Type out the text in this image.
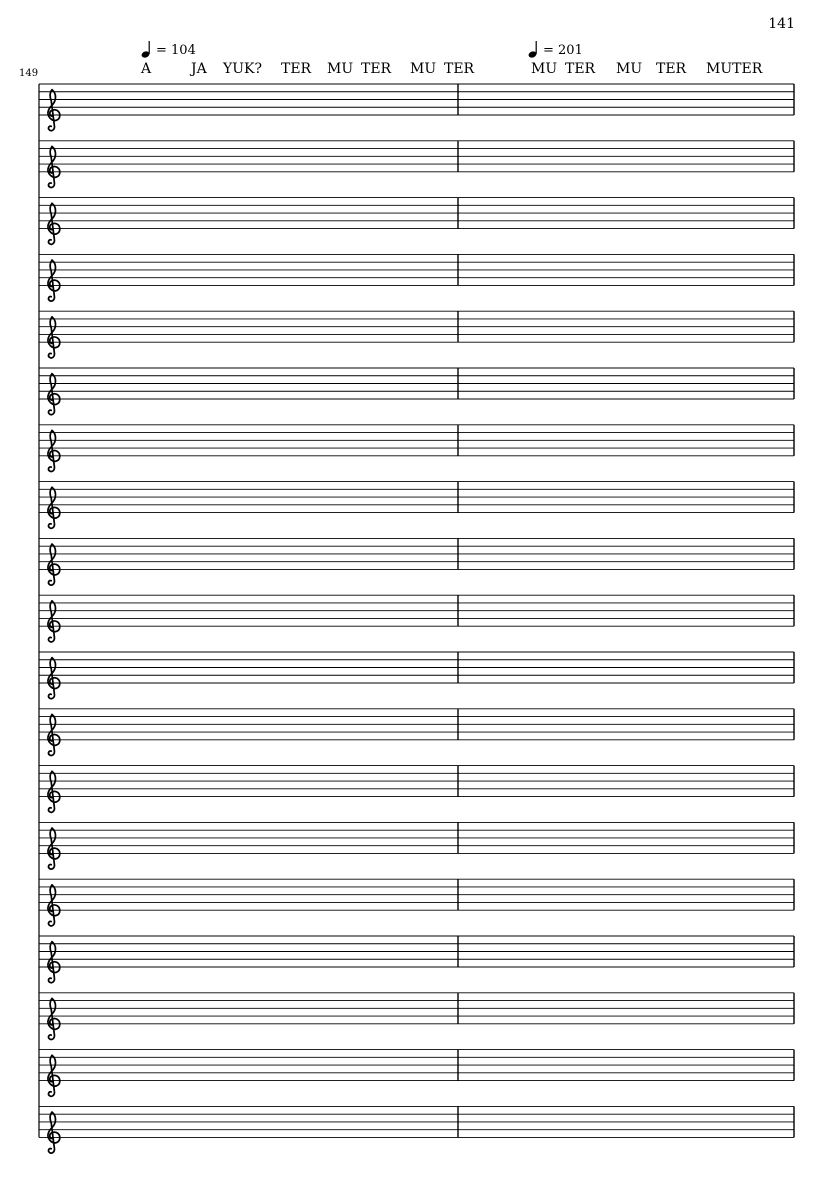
141
149
= 104	= 201
A	JA YUK? TER MU TER MU TER	MU TER MU TER MUTER
